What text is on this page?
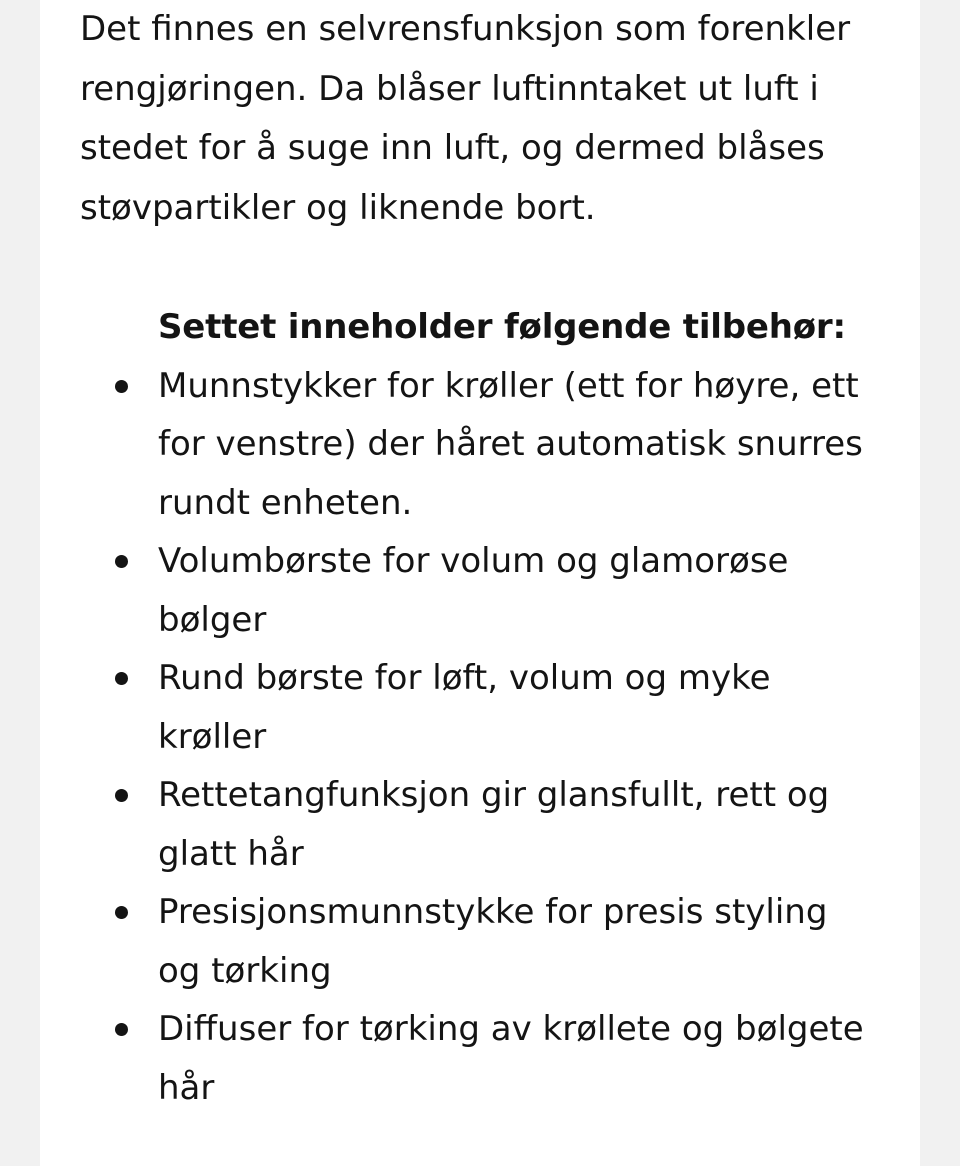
Det finnes en selvrensfunksjon som forenkler rengjøringen. Da blåser luftinntaket ut luft i stedet for å suge inn luft, og dermed blåses støvpartikler og liknende bort.

Settet inneholder følgende tilbehør:

Munnstykker for krøller (ett for høyre, ett for venstre) der håret automatisk snurres rundt enheten.
Volumbørste for volum og glamorøse bølger
Rund børste for løft, volum og myke krøller
Rettetangfunksjon gir glansfullt, rett og glatt hår
Presisjonsmunnstykke for presis styling og tørking
Diffuser for tørking av krøllete og bølgete hår
